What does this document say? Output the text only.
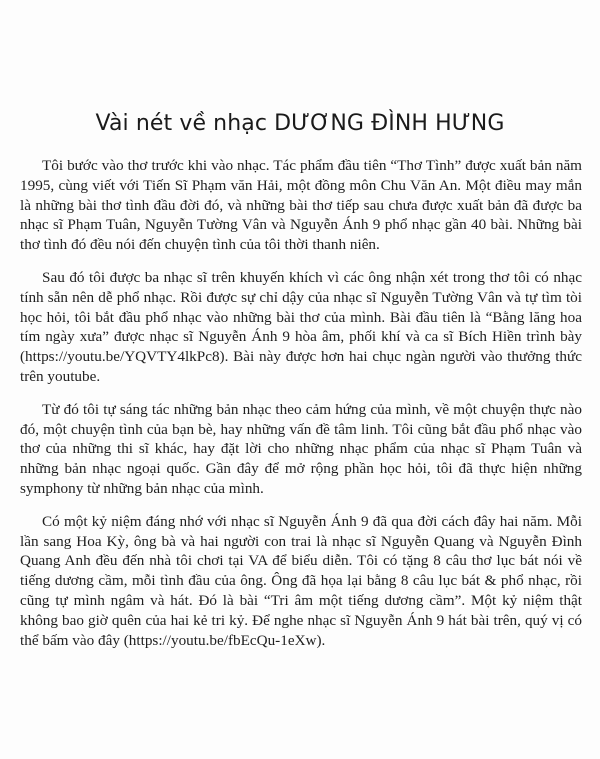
Vài nét về nhạc DƯƠNG ĐÌNH HƯNG

Tôi bước vào thơ trước khi vào nhạc. Tác phẩm đầu tiên “Thơ Tình” được xuất bản năm 1995, cùng viết với Tiến Sĩ Phạm văn Hải, một đồng môn Chu Văn An. Một điều may mắn là những bài thơ tình đầu đời đó, và những bài thơ tiếp sau chưa được xuất bản đã được ba nhạc sĩ Phạm Tuân, Nguyễn Tường Vân và Nguyễn Ánh 9 phổ nhạc gần 40 bài. Những bài thơ tình đó đều nói đến chuyện tình của tôi thời thanh niên.

Sau đó tôi được ba nhạc sĩ trên khuyến khích vì các ông nhận xét trong thơ tôi có nhạc tính sẵn nên dễ phổ nhạc. Rồi được sự chỉ dậy của nhạc sĩ Nguyễn Tường Vân và tự tìm tòi học hỏi, tôi bắt đầu phổ nhạc vào những bài thơ của mình. Bài đầu tiên là “Bằng lăng hoa tím ngày xưa” được nhạc sĩ Nguyễn Ánh 9 hòa âm, phối khí và ca sĩ Bích Hiền trình bày (https://youtu.be/YQVTY4lkPc8). Bài này được hơn hai chục ngàn người vào thưởng thức trên youtube.

Từ đó tôi tự sáng tác những bản nhạc theo cảm hứng của mình, về một chuyện thực nào đó, một chuyện tình của bạn bè, hay những vấn đề tâm linh. Tôi cũng bắt đầu phổ nhạc vào thơ của những thi sĩ khác, hay đặt lời cho những nhạc phẩm của nhạc sĩ Phạm Tuân và những bản nhạc ngoại quốc. Gần đây để mở rộng phần học hỏi, tôi đã thực hiện những symphony từ những bản nhạc của mình.

Có một kỷ niệm đáng nhớ với nhạc sĩ Nguyễn Ánh 9 đã qua đời cách đây hai năm. Mỗi lần sang Hoa Kỳ, ông bà và hai người con trai là nhạc sĩ Nguyễn Quang và Nguyễn Đình Quang Anh đều đến nhà tôi chơi tại VA để biểu diễn. Tôi có tặng 8 câu thơ lục bát nói về tiếng dương cầm, mỗi tình đầu của ông. Ông đã họa lại bằng 8 câu lục bát & phổ nhạc, rồi cũng tự mình ngâm và hát. Đó là bài “Tri âm một tiếng dương cầm”. Một kỷ niệm thật không bao giờ quên của hai kẻ tri kỷ. Để nghe nhạc sĩ Nguyễn Ánh 9 hát bài trên, quý vị có thể bấm vào đây (https://youtu.be/fbEcQu-1eXw).
